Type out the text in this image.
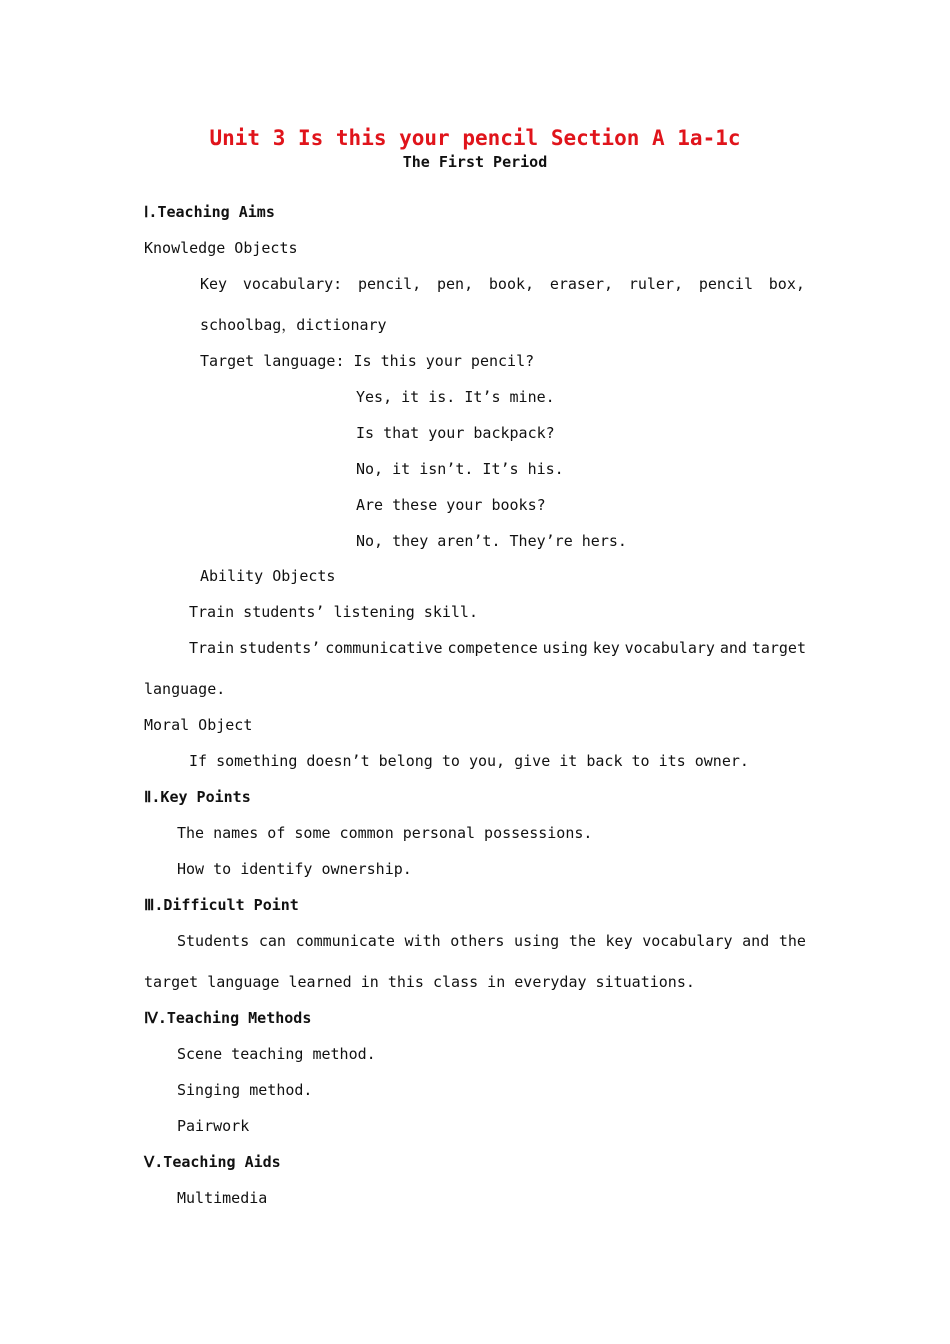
Unit 3 Is this your pencil Section A 1a-1c
The First Period
Ⅰ.Teaching Aims
Knowledge Objects
Key vocabulary: pencil, pen, book, eraser, ruler, pencil box,
schoolbag，dictionary
Target language: Is this your pencil?
Yes, it is. It’s mine.
Is that your backpack?
No, it isn’t. It’s his.
Are these your books?
No, they aren’t. They’re hers.
Ability Objects
Train students’ listening skill.
Train students’ communicative competence using key vocabulary and target
language.
Moral Object
If something doesn’t belong to you, give it back to its owner.
Ⅱ.Key Points
The names of some common personal possessions.
How to identify ownership.
Ⅲ.Difficult Point
Students can communicate with others using the key vocabulary and the
target language learned in this class in everyday situations.
Ⅳ.Teaching Methods
Scene teaching method.
Singing method.
Pairwork
Ⅴ.Teaching Aids
Multimedia
